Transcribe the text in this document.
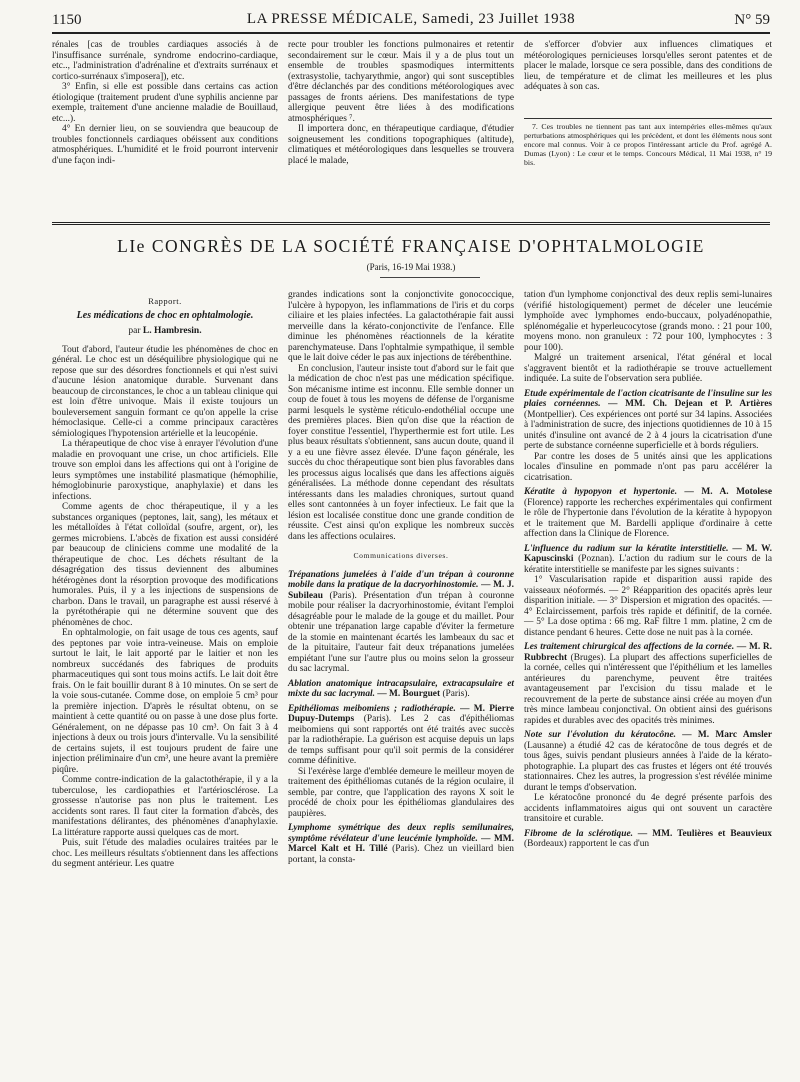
1150	LA PRESSE MÉDICALE, Samedi, 23 Juillet 1938	N° 59

rénales [cas de troubles cardiaques associés à de l'insuffisance surrénale, syndrome endocrino-cardiaque, etc.., l'administration d'adrénaline et d'extraits surrénaux et cortico-surrénaux s'imposera]), etc.

3° Enfin, si elle est possible dans certains cas action étiologique (traitement prudent d'une syphilis ancienne par exemple, traitement d'une ancienne maladie de Bouillaud, etc...).

4° En dernier lieu, on se souviendra que beaucoup de troubles fonctionnels cardiaques obéissent aux conditions atmosphériques. L'humidité et le froid pourront intervenir d'une façon indi-

recte pour troubler les fonctions pulmonaires et retentir secondairement sur le cœur. Mais il y a de plus tout un ensemble de troubles spasmodiques intermittents (extrasystolie, tachyarythmie, angor) qui sont susceptibles d'être déclanchés par des conditions météorologiques avec passages de fronts aériens. Des manifestations de type allergique peuvent être liées à des modifications atmosphériques ⁷.

Il importera donc, en thérapeutique cardiaque, d'étudier soigneusement les conditions topographiques (altitude), climatiques et météorologiques dans lesquelles se trouvera placé le malade,

de s'efforcer d'obvier aux influences climatiques et météorologiques pernicieuses lorsqu'elles seront patentes et de placer le malade, lorsque ce sera possible, dans des conditions de lieu, de température et de climat les meilleures et les plus adéquates à son cas.

7. Ces troubles ne tiennent pas tant aux intempéries elles-mêmes qu'aux perturbations atmosphériques qui les précèdent, et dont les éléments nous sont encore mal connus. Voir à ce propos l'intéressant article du Prof. agrégé A. Dumas (Lyon) : Le cœur et le temps. Concours Médical, 11 Mai 1938, n° 19 bis.

LIe CONGRÈS DE LA SOCIÉTÉ FRANÇAISE D'OPHTALMOLOGIE
(Paris, 16-19 Mai 1938.)
Rapport.
Les médications de choc en ophtalmologie.
par L. Hambresin.

Tout d'abord, l'auteur étudie les phénomènes de choc en général. Le choc est un déséquilibre physiologique qui ne repose que sur des désordres fonctionnels et qui n'est suivi d'aucune lésion anatomique durable. Survenant dans beaucoup de circonstances, le choc a un tableau clinique qui est loin d'être univoque. Mais il existe toujours un bouleversement sanguin formant ce qu'on appelle la crise hémoclasique. Celle-ci a comme principaux caractères sémiologiques l'hypotension artérielle et la leucopénie.

La thérapeutique de choc vise à enrayer l'évolution d'une maladie en provoquant une crise, un choc artificiels. Elle trouve son emploi dans les affections qui ont à l'origine de leurs symptômes une instabilité plasmatique (hémophilie, hémoglobinurie paroxystique, anaphylaxie) et dans les infections.

Comme agents de choc thérapeutique, il y a les substances organiques (peptones, lait, sang), les métaux et les métalloïdes à l'état colloïdal (soufre, argent, or), les germes microbiens. L'abcès de fixation est aussi considéré par beaucoup de cliniciens comme une modalité de la thérapeutique de choc. Les déchets résultant de la désagrégation des tissus deviennent des albumines hétérogènes dont la résorption provoque des modifications humorales. Puis, il y a les injections de suspensions de charbon. Dans le travail, un paragraphe est aussi réservé à la pyrétothérapie qui ne détermine souvent que des phénomènes de choc.

En ophtalmologie, on fait usage de tous ces agents, sauf des peptones par voie intra-veineuse. Mais on emploie surtout le lait, le lait apporté par le laitier et non les nombreux succédanés des fabriques de produits pharmaceutiques qui sont tous moins actifs. Le lait doit être frais. On le fait bouillir durant 8 à 10 minutes. On se sert de la voie sous-cutanée. Comme dose, on emploie 5 cm³ pour la première injection. D'après le résultat obtenu, on se maintient à cette quantité ou on passe à une dose plus forte. Généralement, on ne dépasse pas 10 cm³. On fait 3 à 4 injections à deux ou trois jours d'intervalle. Vu la sensibilité de certains sujets, il est toujours prudent de faire une injection préliminaire d'un cm³, une heure avant la première piqûre.

Comme contre-indication de la galactothérapie, il y a la tuberculose, les cardiopathies et l'artériosclérose. La grossesse n'autorise pas non plus le traitement. Les accidents sont rares. Il faut citer la formation d'abcès, des manifestations délirantes, des phénomènes d'anaphylaxie. La littérature rapporte aussi quelques cas de mort.

Puis, suit l'étude des maladies oculaires traitées par le choc. Les meilleurs résultats s'obtiennent dans les affections du segment antérieur. Les quatre

grandes indications sont la conjonctivite gonococcique, l'ulcère à hypopyon, les inflammations de l'iris et du corps ciliaire et les plaies infectées. La galactothérapie fait aussi merveille dans la kérato-conjonctivite de l'enfance. Elle diminue les phénomènes réactionnels de la kératite parenchymateuse. Dans l'ophtalmie sympathique, il semble que le lait doive céder le pas aux injections de térébenthine.

En conclusion, l'auteur insiste tout d'abord sur le fait que la médication de choc n'est pas une médication spécifique. Son mécanisme intime est inconnu. Elle semble donner un coup de fouet à tous les moyens de défense de l'organisme parmi lesquels le système réticulo-endothélial occupe une des premières places. Bien qu'on dise que la réaction de foyer constitue l'essentiel, l'hyperthermie est fort utile. Les plus beaux résultats s'obtiennent, sans aucun doute, quand il y a eu une fièvre assez élevée. D'une façon générale, les succès du choc thérapeutique sont bien plus favorables dans les processus aigus localisés que dans les affections aiguës généralisées. La méthode donne cependant des résultats intéressants dans les maladies chroniques, surtout quand elles sont cantonnées à un foyer infectieux. Le fait que la lésion est localisée constitue donc une grande condition de réussite. C'est ainsi qu'on explique les nombreux succès dans les affections oculaires.

Communications diverses.

Trépanations jumelées à l'aide d'un trépan à couronne mobile dans la pratique de la dacryorhinostomie. — M. J. Subileau (Paris). Présentation d'un trépan à couronne mobile pour réaliser la dacryorhinostomie, évitant l'emploi désagréable pour le malade de la gouge et du maillet. Pour obtenir une trépanation large capable d'éviter la fermeture de la stomie en maintenant écartés les lambeaux du sac et de la pituitaire, l'auteur fait deux trépanations jumelées empiétant l'une sur l'autre plus ou moins selon la grosseur du sac lacrymal.

Ablation anatomique intracapsulaire, extracapsulaire et mixte du sac lacrymal. — M. Bourguet (Paris).

Epithéliomas meibomiens ; radiothérapie. — M. Pierre Dupuy-Dutemps (Paris). Les 2 cas d'épithéliomas meibomiens qui sont rapportés ont été traités avec succès par la radiothérapie. La guérison est acquise depuis un laps de temps suffisant pour qu'il soit permis de la considérer comme définitive.

Si l'exérèse large d'emblée demeure le meilleur moyen de traitement des épithéliomas cutanés de la région oculaire, il semble, par contre, que l'application des rayons X soit le procédé de choix pour les épithéliomas glandulaires des paupières.

Lymphome symétrique des deux replis semilunaires, symptôme révélateur d'une leucémie lymphoïde. — MM. Marcel Kalt et H. Tillé (Paris). Chez un vieillard bien portant, la consta-

tation d'un lymphome conjonctival des deux replis semi-lunaires (vérifié histologiquement) permet de déceler une leucémie lymphoïde avec lymphomes endo-buccaux, polyadénopathie, splénomégalie et hyperleucocytose (grands mono. : 21 pour 100, moyens mono. non granuleux : 72 pour 100, lymphocytes : 3 pour 100).

Malgré un traitement arsenical, l'état général et local s'aggravent bientôt et la radiothérapie se trouve actuellement indiquée. La suite de l'observation sera publiée.

Etude expérimentale de l'action cicatrisante de l'insuline sur les plaies cornéennes. — MM. Ch. Dejean et P. Artières (Montpellier). Ces expériences ont porté sur 34 lapins. Associées à l'administration de sucre, des injections quotidiennes de 10 à 15 unités d'insuline ont avancé de 2 à 4 jours la cicatrisation d'une perte de substance cornéenne superficielle et à bords réguliers.

Par contre les doses de 5 unités ainsi que les applications locales d'insuline en pommade n'ont pas paru accélérer la cicatrisation.

Kératite à hypopyon et hypertonie. — M. A. Motolese (Florence) rapporte les recherches expérimentales qui confirment le rôle de l'hypertonie dans l'évolution de la kératite à hypopyon et le traitement que M. Bardelli applique d'ordinaire à cette affection dans la Clinique de Florence.

L'influence du radium sur la kératite interstitielle. — M. W. Kapuscinski (Poznan). L'action du radium sur le cours de la kératite interstitielle se manifeste par les signes suivants :

1° Vascularisation rapide et disparition aussi rapide des vaisseaux néoformés. — 2° Réapparition des opacités après leur disparition initiale. — 3° Dispersion et migration des opacités. — 4° Eclaircissement, parfois très rapide et définitif, de la cornée. — 5° La dose optima : 66 mg. RaF filtre 1 mm. platine, 2 cm de distance pendant 6 heures. Cette dose ne nuit pas à la cornée.

Les traitement chirurgical des affections de la cornée. — M. R. Rubbrecht (Bruges). La plupart des affections superficielles de la cornée, celles qui n'intéressent que l'épithélium et les lamelles antérieures du parenchyme, peuvent être traitées avantageusement par l'excision du tissu malade et le recouvrement de la perte de substance ainsi créée au moyen d'un très mince lambeau conjonctival. On obtient ainsi des guérisons rapides et durables avec des opacités très minimes.

Note sur l'évolution du kératocône. — M. Marc Amsler (Lausanne) a étudié 42 cas de kératocône de tous degrés et de tous âges, suivis pendant plusieurs années à l'aide de la kérato-photographie. La plupart des cas frustes et légers ont été trouvés stationnaires. Chez les autres, la progression s'est révélée minime durant le temps d'observation.

Le kératocône prononcé du 4e degré présente parfois des accidents inflammatoires aigus qui ont souvent un caractère transitoire et curable.

Fibrome de la sclérotique. — MM. Teulières et Beauvieux (Bordeaux) rapportent le cas d'un
